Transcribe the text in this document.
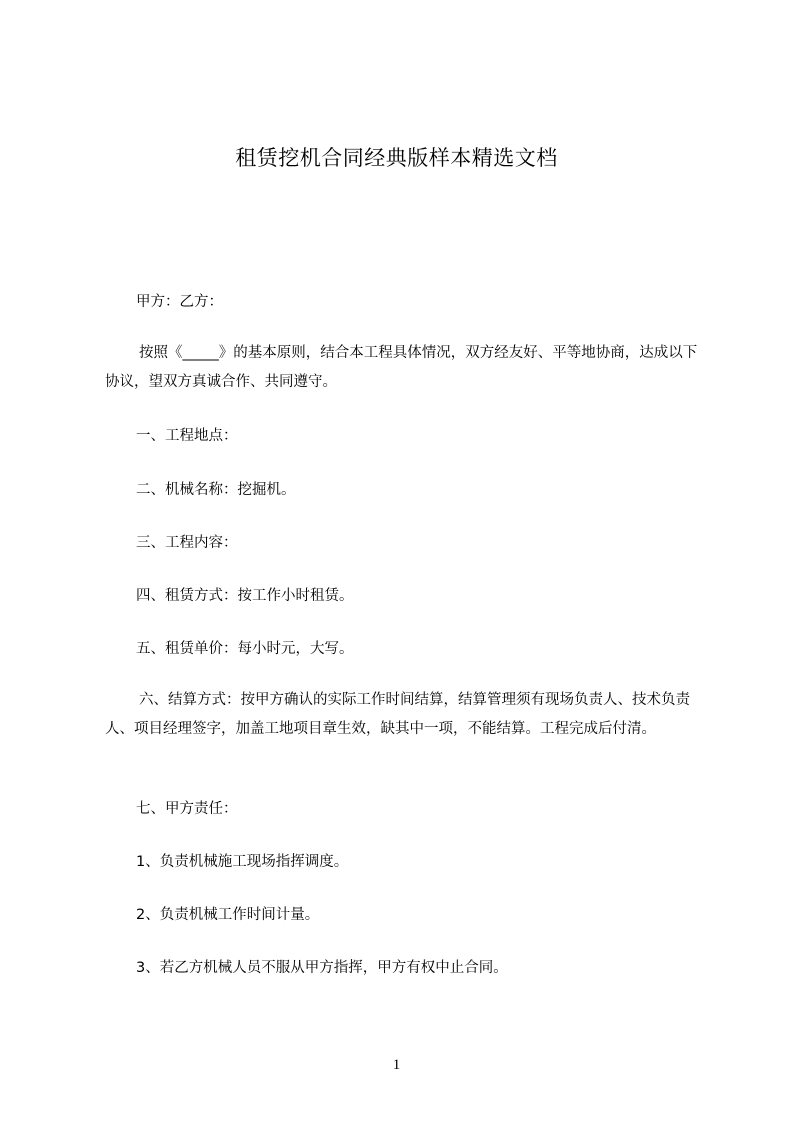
租赁挖机合同经典版样本精选文档

甲方：乙方：

按照《_____》的基本原则，结合本工程具体情况，双方经友好、平等地协商，达成以下协议，望双方真诚合作、共同遵守。

一、工程地点：

二、机械名称：挖掘机。

三、工程内容：

四、租赁方式：按工作小时租赁。

五、租赁单价：每小时元，大写。

六、结算方式：按甲方确认的实际工作时间结算，结算管理须有现场负责人、技术负责人、项目经理签字，加盖工地项目章生效，缺其中一项，不能结算。工程完成后付清。

七、甲方责任：

1、负责机械施工现场指挥调度。

2、负责机械工作时间计量。

3、若乙方机械人员不服从甲方指挥，甲方有权中止合同。

1
